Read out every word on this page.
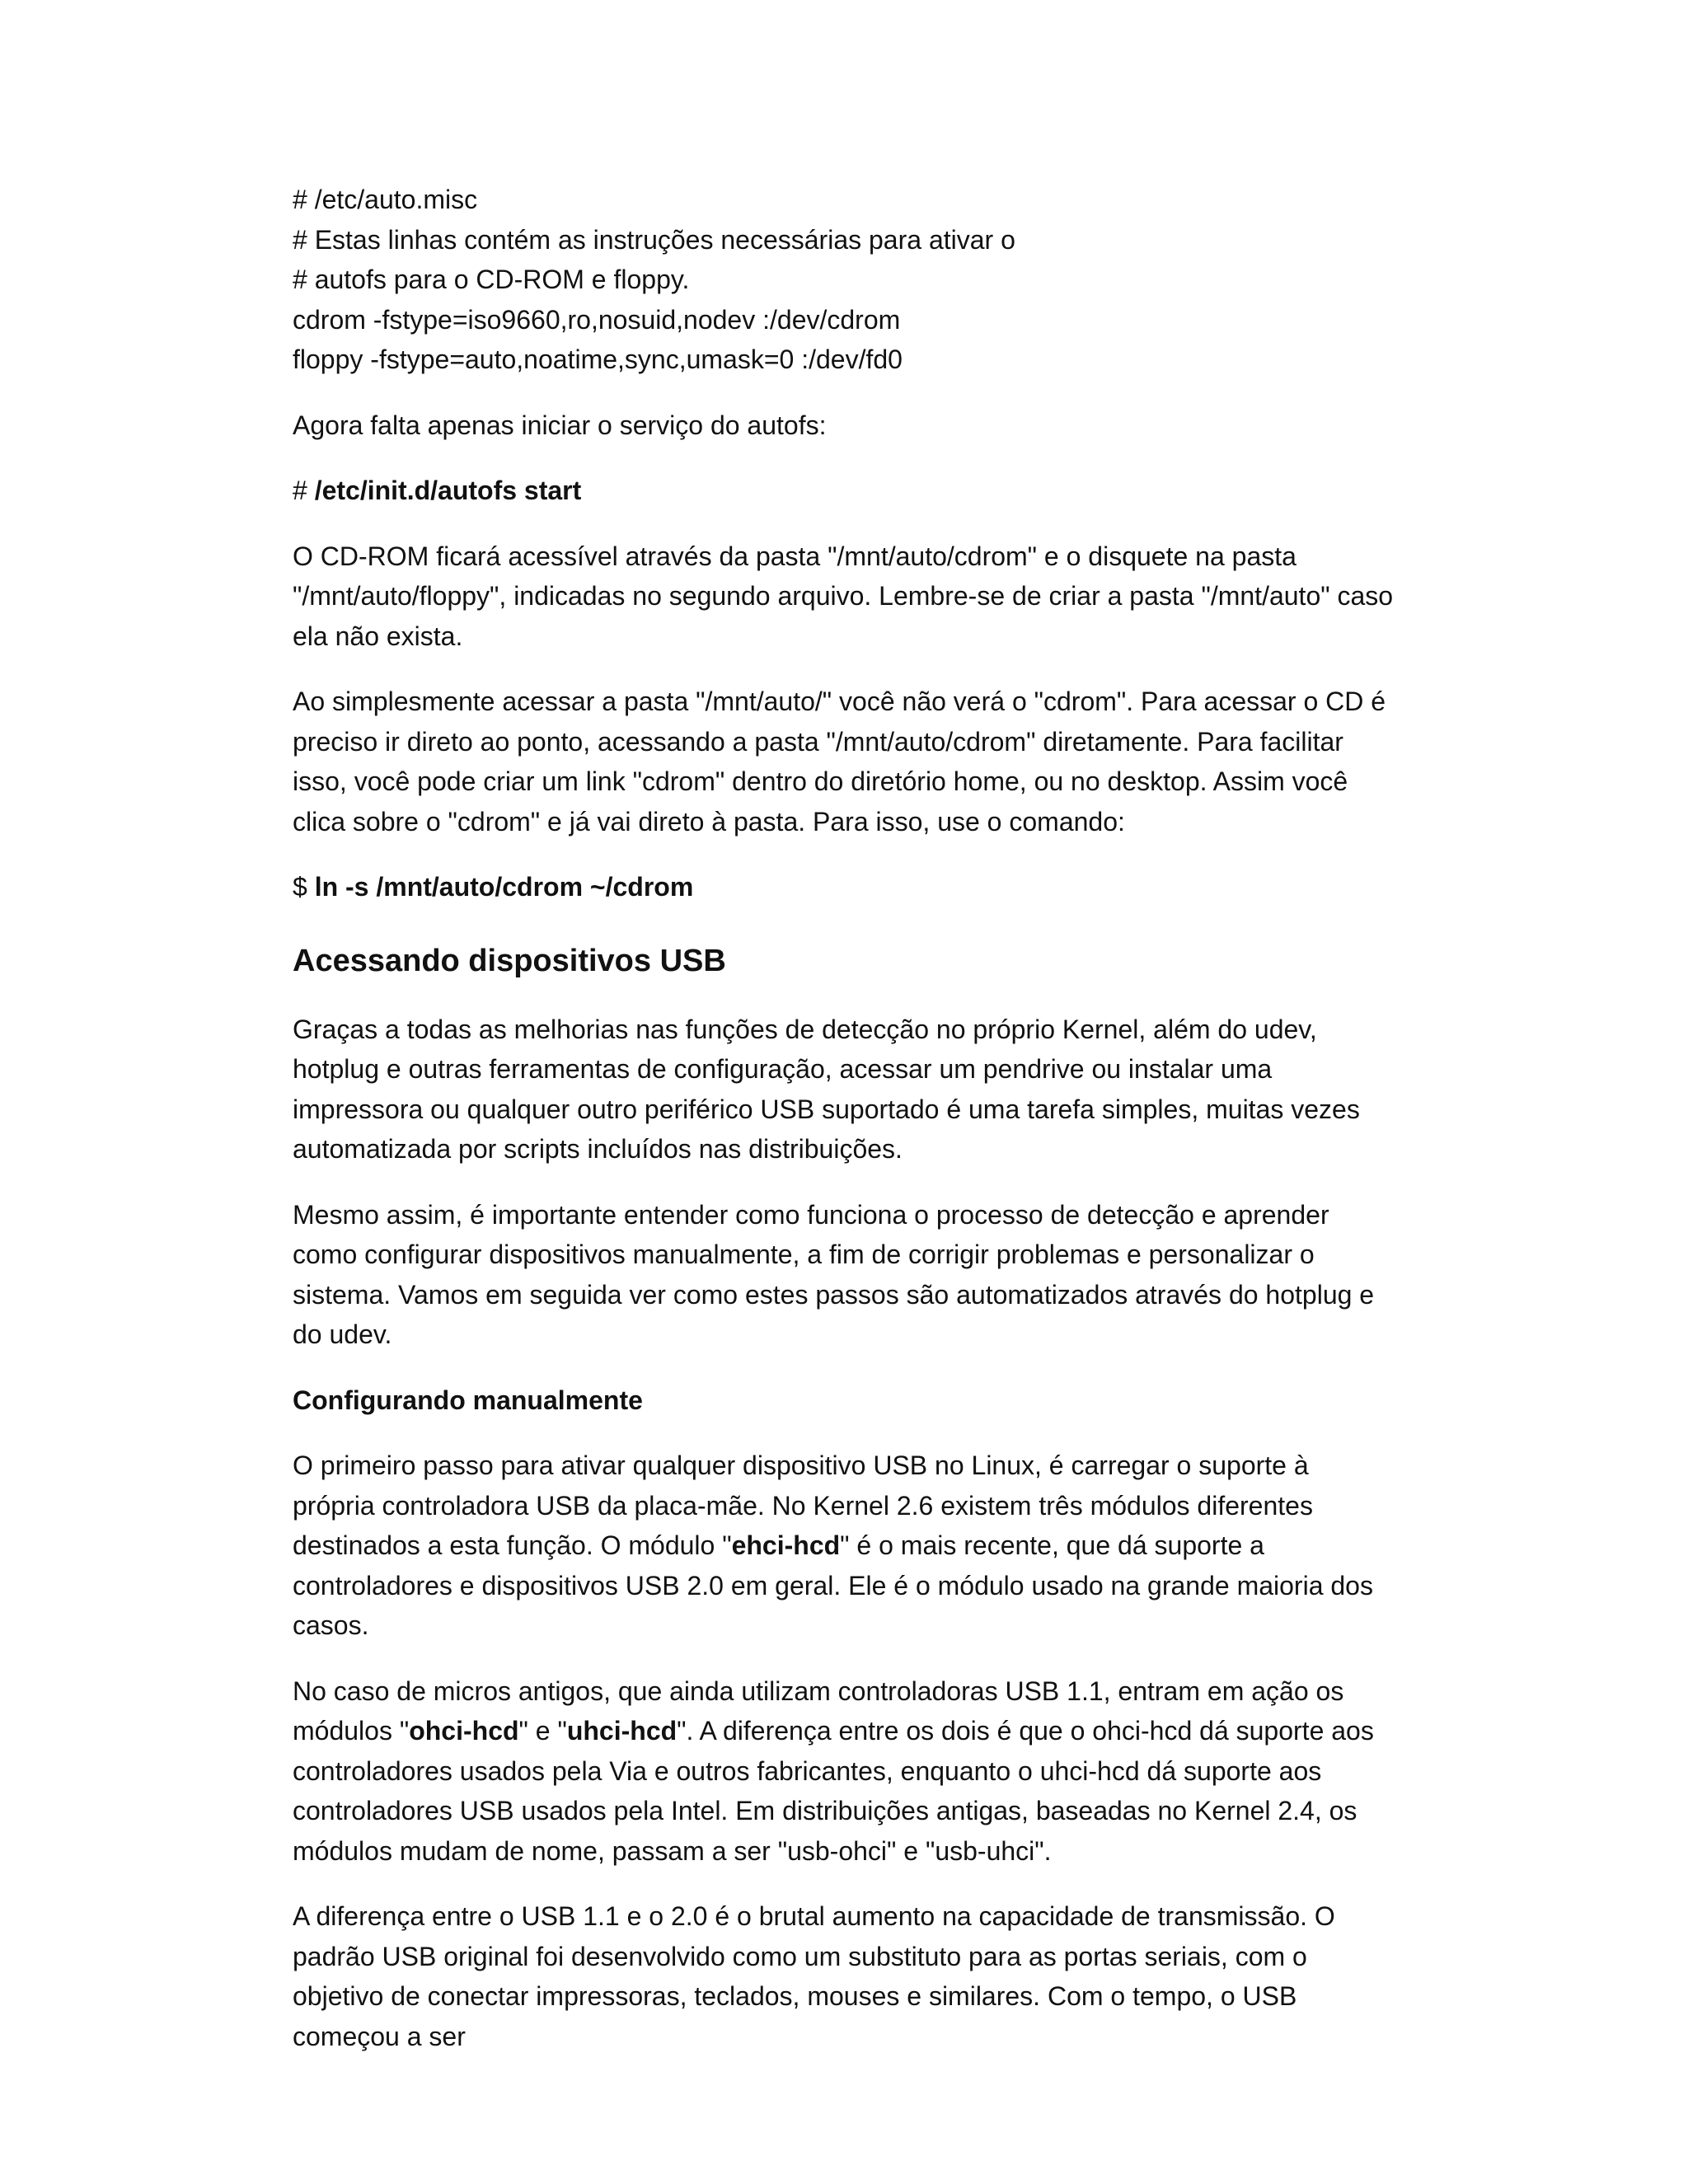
# /etc/auto.misc
# Estas linhas contém as instruções necessárias para ativar o
# autofs para o CD-ROM e floppy.
cdrom -fstype=iso9660,ro,nosuid,nodev :/dev/cdrom
floppy -fstype=auto,noatime,sync,umask=0 :/dev/fd0

Agora falta apenas iniciar o serviço do autofs:

# /etc/init.d/autofs start

O CD-ROM ficará acessível através da pasta "/mnt/auto/cdrom" e o disquete na pasta "/mnt/auto/floppy", indicadas no segundo arquivo. Lembre-se de criar a pasta "/mnt/auto" caso ela não exista.

Ao simplesmente acessar a pasta "/mnt/auto/" você não verá o "cdrom". Para acessar o CD é preciso ir direto ao ponto, acessando a pasta "/mnt/auto/cdrom" diretamente. Para facilitar isso, você pode criar um link "cdrom" dentro do diretório home, ou no desktop. Assim você clica sobre o "cdrom" e já vai direto à pasta. Para isso, use o comando:

$ ln -s /mnt/auto/cdrom ~/cdrom

Acessando dispositivos USB

Graças a todas as melhorias nas funções de detecção no próprio Kernel, além do udev, hotplug e outras ferramentas de configuração, acessar um pendrive ou instalar uma impressora ou qualquer outro periférico USB suportado é uma tarefa simples, muitas vezes automatizada por scripts incluídos nas distribuições.

Mesmo assim, é importante entender como funciona o processo de detecção e aprender como configurar dispositivos manualmente, a fim de corrigir problemas e personalizar o sistema. Vamos em seguida ver como estes passos são automatizados através do hotplug e do udev.

Configurando manualmente

O primeiro passo para ativar qualquer dispositivo USB no Linux, é carregar o suporte à própria controladora USB da placa-mãe. No Kernel 2.6 existem três módulos diferentes destinados a esta função. O módulo "ehci-hcd" é o mais recente, que dá suporte a controladores e dispositivos USB 2.0 em geral. Ele é o módulo usado na grande maioria dos casos.

No caso de micros antigos, que ainda utilizam controladoras USB 1.1, entram em ação os módulos "ohci-hcd" e "uhci-hcd". A diferença entre os dois é que o ohci-hcd dá suporte aos controladores usados pela Via e outros fabricantes, enquanto o uhci-hcd dá suporte aos controladores USB usados pela Intel. Em distribuições antigas, baseadas no Kernel 2.4, os módulos mudam de nome, passam a ser "usb-ohci" e "usb-uhci".

A diferença entre o USB 1.1 e o 2.0 é o brutal aumento na capacidade de transmissão. O padrão USB original foi desenvolvido como um substituto para as portas seriais, com o objetivo de conectar impressoras, teclados, mouses e similares. Com o tempo, o USB começou a ser
